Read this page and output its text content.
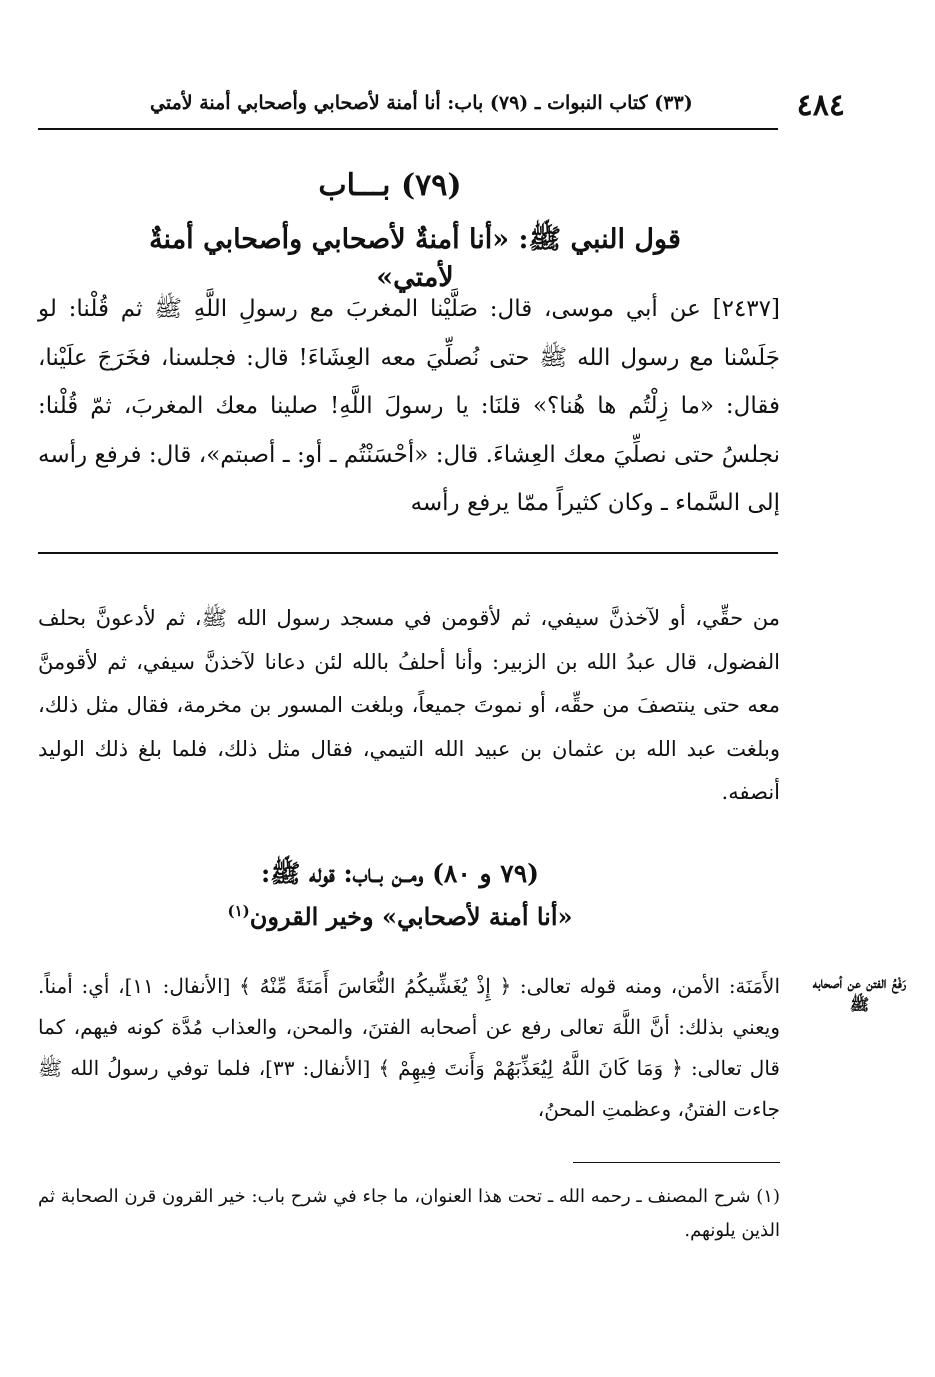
٤٨٤
(٣٣) كتاب النبوات ـ (٧٩) باب: أنا أمنة لأصحابي وأصحابي أمنة لأمتي
(٧٩) بـــاب
قول النبي ﷺ: «أنا أمنةٌ لأصحابي وأصحابي أمنةٌ لأمتي»
[٢٤٣٧] عن أبي موسى، قال: صَلَّيْنا المغربَ مع رسولِ اللَّهِ ﷺ ثم قُلْنا: لو جَلَسْنا مع رسول الله ﷺ حتى نُصلِّيَ معه العِشَاءَ! قال: فجلسنا، فخَرَجَ علَيْنا، فقال: «ما زِلْتُم ها هُنا؟» قلنَا: يا رسولَ اللَّهِ! صلينا معك المغربَ، ثمّ قُلْنا: نجلسُ حتى نصلِّيَ معك العِشاءَ. قال: «أحْسَنْتُم ـ أو: ـ أصبتم»، قال: فرفع رأسه إلى السَّماء ـ وكان كثيراً ممّا يرفع رأسه
من حقِّي، أو لآخذنَّ سيفي، ثم لأقومن في مسجد رسول الله ﷺ، ثم لأدعونَّ بحلف الفضول، قال عبدُ الله بن الزبير: وأنا أحلفُ بالله لئن دعانا لآخذنَّ سيفي، ثم لأقومنَّ معه حتى ينتصفَ من حقِّه، أو نموتَ جميعاً، وبلغت المسور بن مخرمة، فقال مثل ذلك، وبلغت عبد الله بن عثمان بن عبيد الله التيمي، فقال مثل ذلك، فلما بلغ ذلك الوليد أنصفه.
(٧٩ و ٨٠) ومــن بــاب: قوله ﷺ:
«أنا أمنة لأصحابي» وخير القرون$^{(١)}$
رَفْعُ الفتن عن أصحابه ﷺ
الأَمَنَة: الأمن، ومنه قوله تعالى: ﴿ إِذْ يُغَشِّيكُمُ النُّعَاسَ أَمَنَةً مِّنْهُ ﴾ [الأنفال: ١١]، أي: أمناً. ويعني بذلك: أنَّ اللَّهَ تعالى رفع عن أصحابه الفتنَ، والمحن، والعذاب مُدَّة كونه فيهم، كما قال تعالى: ﴿ وَمَا كَانَ اللَّهُ لِيُعَذِّبَهُمْ وَأَنتَ فِيهِمْ ﴾ [الأنفال: ٣٣]، فلما توفي رسولُ الله ﷺ جاءت الفتنُ، وعظمتِ المحنُ،
(١) شرح المصنف ـ رحمه الله ـ تحت هذا العنوان، ما جاء في شرح باب: خير القرون قرن الصحابة ثم الذين يلونهم.
